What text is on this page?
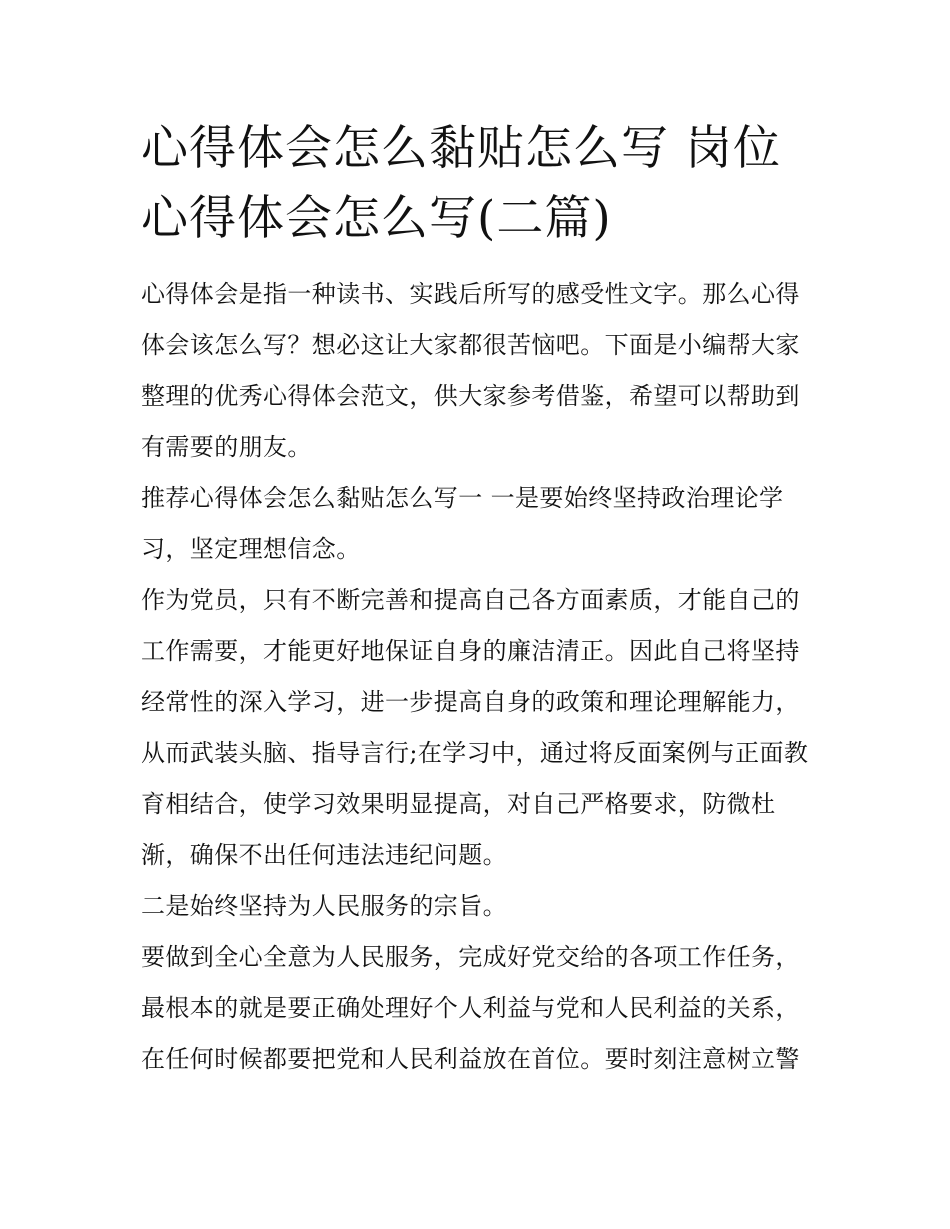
心得体会怎么黏贴怎么写 岗位心得体会怎么写(二篇)

心得体会是指一种读书、实践后所写的感受性文字。那么心得体会该怎么写？想必这让大家都很苦恼吧。下面是小编帮大家整理的优秀心得体会范文，供大家参考借鉴，希望可以帮助到有需要的朋友。

推荐心得体会怎么黏贴怎么写一 一是要始终坚持政治理论学习，坚定理想信念。

作为党员，只有不断完善和提高自己各方面素质，才能自己的工作需要，才能更好地保证自身的廉洁清正。因此自己将坚持经常性的深入学习，进一步提高自身的政策和理论理解能力，从而武装头脑、指导言行;在学习中，通过将反面案例与正面教育相结合，使学习效果明显提高，对自己严格要求，防微杜渐，确保不出任何违法违纪问题。

二是始终坚持为人民服务的宗旨。

要做到全心全意为人民服务，完成好党交给的各项工作任务，最根本的就是要正确处理好个人利益与党和人民利益的关系，在任何时候都要把党和人民利益放在首位。要时刻注意树立警
